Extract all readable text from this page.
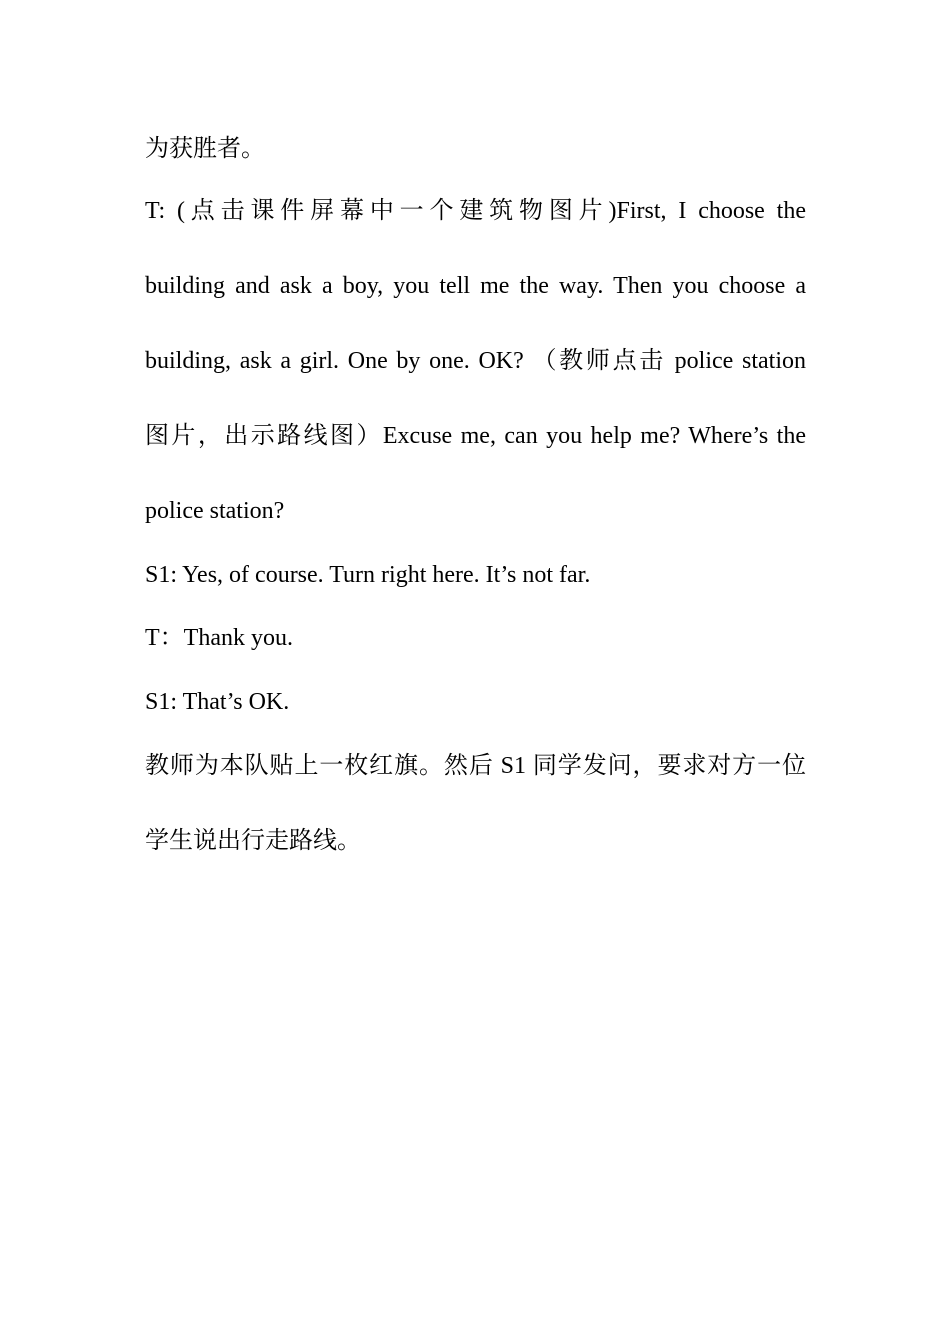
为获胜者。
T: (点击课件屏幕中一个建筑物图片)First, I choose the
building and ask a boy, you tell me the way. Then you choose a
building, ask a girl. One by one. OK? （教师点击 police station
图片，出示路线图）Excuse me, can you help me? Where’s the
police station?
S1: Yes, of course. Turn right here. It’s not far.
T：Thank you.
S1: That’s OK.
教师为本队贴上一枚红旗。然后 S1 同学发问，要求对方一位
学生说出行走路线。
